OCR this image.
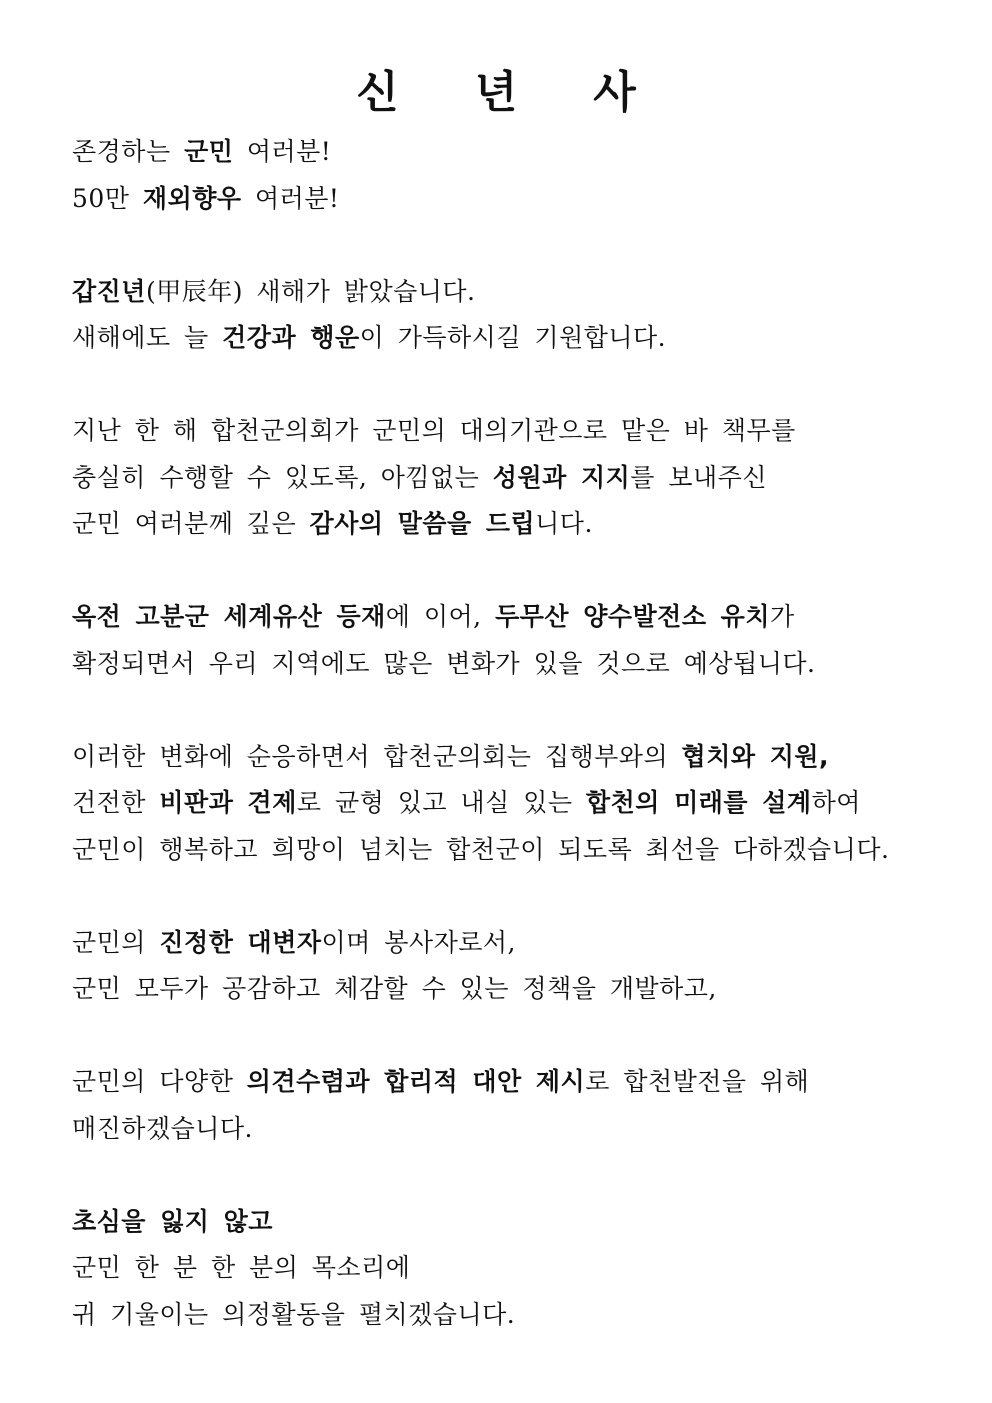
신 년 사
존경하는 군민 여러분!
50만 재외향우 여러분!
갑진년(甲辰年) 새해가 밝았습니다.
새해에도 늘 건강과 행운이 가득하시길 기원합니다.
지난 한 해 합천군의회가 군민의 대의기관으로 맡은 바 책무를
충실히 수행할 수 있도록, 아낌없는 성원과 지지를 보내주신
군민 여러분께 깊은 감사의 말씀을 드립니다.
옥전 고분군 세계유산 등재에 이어, 두무산 양수발전소 유치가
확정되면서 우리 지역에도 많은 변화가 있을 것으로 예상됩니다.
이러한 변화에 순응하면서 합천군의회는 집행부와의 협치와 지원,
건전한 비판과 견제로 균형 있고 내실 있는 합천의 미래를 설계하여
군민이 행복하고 희망이 넘치는 합천군이 되도록 최선을 다하겠습니다.
군민의 진정한 대변자이며 봉사자로서,
군민 모두가 공감하고 체감할 수 있는 정책을 개발하고,
군민의 다양한 의견수렴과 합리적 대안 제시로 합천발전을 위해
매진하겠습니다.
초심을 잃지 않고
군민 한 분 한 분의 목소리에
귀 기울이는 의정활동을 펼치겠습니다.
